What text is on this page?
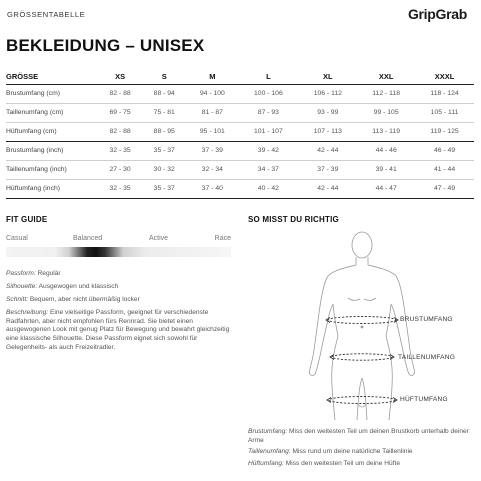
GRÖSSENTABELLE	GripGrab
BEKLEIDUNG – UNISEX
GRÖSSE	XS	S	M	L	XL	XXL	XXXL
Brustumfang (cm)	82 - 88	88 - 94	94 - 100	100 - 106	106 - 112	112 - 118	118 - 124
Taillenumfang (cm)	69 - 75	75 - 81	81 - 87	87 - 93	93 - 99	99 - 105	105 - 111
Hüftumfang (cm)	82 - 88	88 - 95	95 - 101	101 - 107	107 - 113	113 - 119	119 - 125
Brustumfang (inch)	32 - 35	35 - 37	37 - 39	39 - 42	42 - 44	44 - 46	46 - 49
Taillenumfang (inch)	27 - 30	30 - 32	32 - 34	34 - 37	37 - 39	39 - 41	41 - 44
Hüftumfang (inch)	32 - 35	35 - 37	37 - 40	40 - 42	42 - 44	44 - 47	47 - 49
FIT GUIDE	SO MISST DU RICHTIG
Casual	Balanced	Active	Race
Passform: Regulär
Silhouette: Ausgewogen und klassisch
Schnitt: Bequem, aber nicht übermäßig locker
Beschreibung: Eine vielseitige Passform, geeignet für verschiedenste Radfahrten, aber nicht empfohlen fürs Rennrad. Sie bietet einen ausgewogenen Look mit genug Platz für Bewegung und bewahrt gleichzeitig eine klassische Silhouette. Diese Passform eignet sich sowohl für Gelegenheits- als auch Freizeitradler.
BRUSTUMFANG
TAILLENUMFANG
HÜFTUMFANG

Brustumfang: Miss den weitesten Teil um deinen Brustkorb unterhalb deiner Arme

Taillenumfang: Miss rund um deine natürliche Taillenlinie

Hüftumfang: Miss den weitesten Teil um deine Hüfte
